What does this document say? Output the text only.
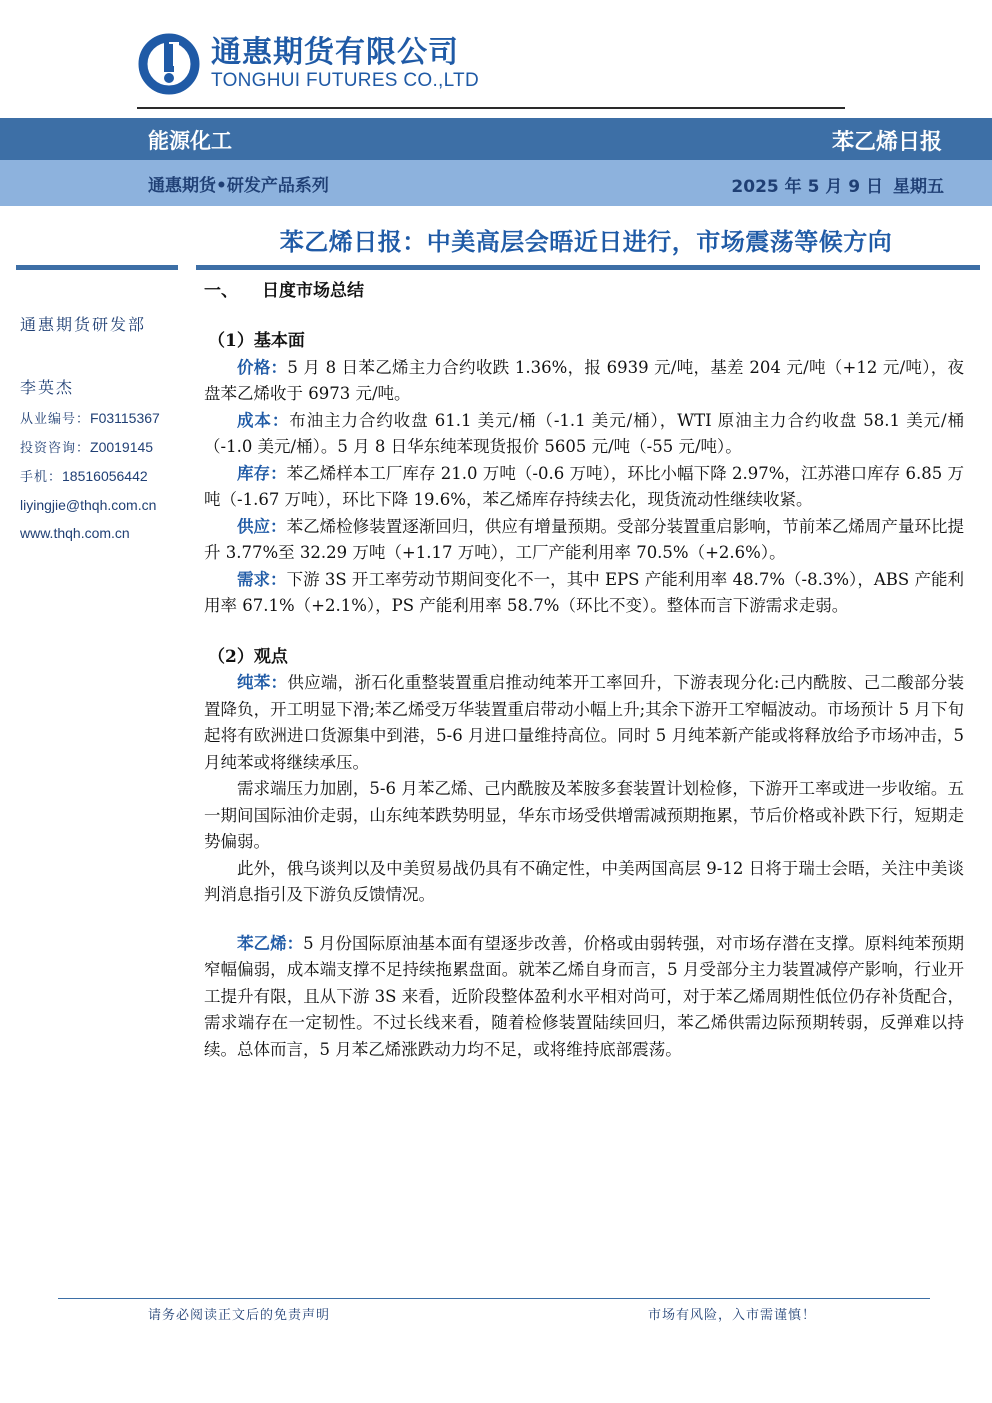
通惠期货有限公司
TONGHUI FUTURES CO.,LTD
能源化工	苯乙烯日报
通惠期货•研发产品系列	2025 年 5 月 9 日 星期五
苯乙烯日报：中美高层会晤近日进行，市场震荡等候方向
通惠期货研发部
李英杰
从业编号：F03115367
投资咨询：Z0019145
手机：18516056442
liyingjie@thqh.com.cn
www.thqh.com.cn
一、 日度市场总结
（1）基本面

价格：5 月 8 日苯乙烯主力合约收跌 1.36%，报 6939 元/吨，基差 204 元/吨（+12 元/吨），夜盘苯乙烯收于 6973 元/吨。

成本：布油主力合约收盘 61.1 美元/桶（-1.1 美元/桶），WTI 原油主力合约收盘 58.1 美元/桶（-1.0 美元/桶）。5 月 8 日华东纯苯现货报价 5605 元/吨（-55 元/吨）。

库存：苯乙烯样本工厂库存 21.0 万吨（-0.6 万吨），环比小幅下降 2.97%，江苏港口库存 6.85 万吨（-1.67 万吨），环比下降 19.6%，苯乙烯库存持续去化，现货流动性继续收紧。

供应：苯乙烯检修装置逐渐回归，供应有增量预期。受部分装置重启影响，节前苯乙烯周产量环比提升 3.77%至 32.29 万吨（+1.17 万吨），工厂产能利用率 70.5%（+2.6%）。

需求：下游 3S 开工率劳动节期间变化不一，其中 EPS 产能利用率 48.7%（-8.3%），ABS 产能利用率 67.1%（+2.1%），PS 产能利用率 58.7%（环比不变）。整体而言下游需求走弱。

（2）观点

纯苯：供应端，浙石化重整装置重启推动纯苯开工率回升，下游表现分化:己内酰胺、己二酸部分装置降负，开工明显下滑;苯乙烯受万华装置重启带动小幅上升;其余下游开工窄幅波动。市场预计 5 月下旬起将有欧洲进口货源集中到港，5-6 月进口量维持高位。同时 5 月纯苯新产能或将释放给予市场冲击，5 月纯苯或将继续承压。

需求端压力加剧，5-6 月苯乙烯、己内酰胺及苯胺多套装置计划检修，下游开工率或进一步收缩。五一期间国际油价走弱，山东纯苯跌势明显，华东市场受供增需减预期拖累，节后价格或补跌下行，短期走势偏弱。

此外，俄乌谈判以及中美贸易战仍具有不确定性，中美两国高层 9-12 日将于瑞士会晤，关注中美谈判消息指引及下游负反馈情况。

苯乙烯：5 月份国际原油基本面有望逐步改善，价格或由弱转强，对市场存潜在支撑。原料纯苯预期窄幅偏弱，成本端支撑不足持续拖累盘面。就苯乙烯自身而言，5 月受部分主力装置减停产影响，行业开工提升有限，且从下游 3S 来看，近阶段整体盈利水平相对尚可，对于苯乙烯周期性低位仍存补货配合，需求端存在一定韧性。不过长线来看，随着检修装置陆续回归，苯乙烯供需边际预期转弱，反弹难以持续。总体而言，5 月苯乙烯涨跌动力均不足，或将维持底部震荡。

请务必阅读正文后的免责声明	市场有风险，入市需谨慎！
